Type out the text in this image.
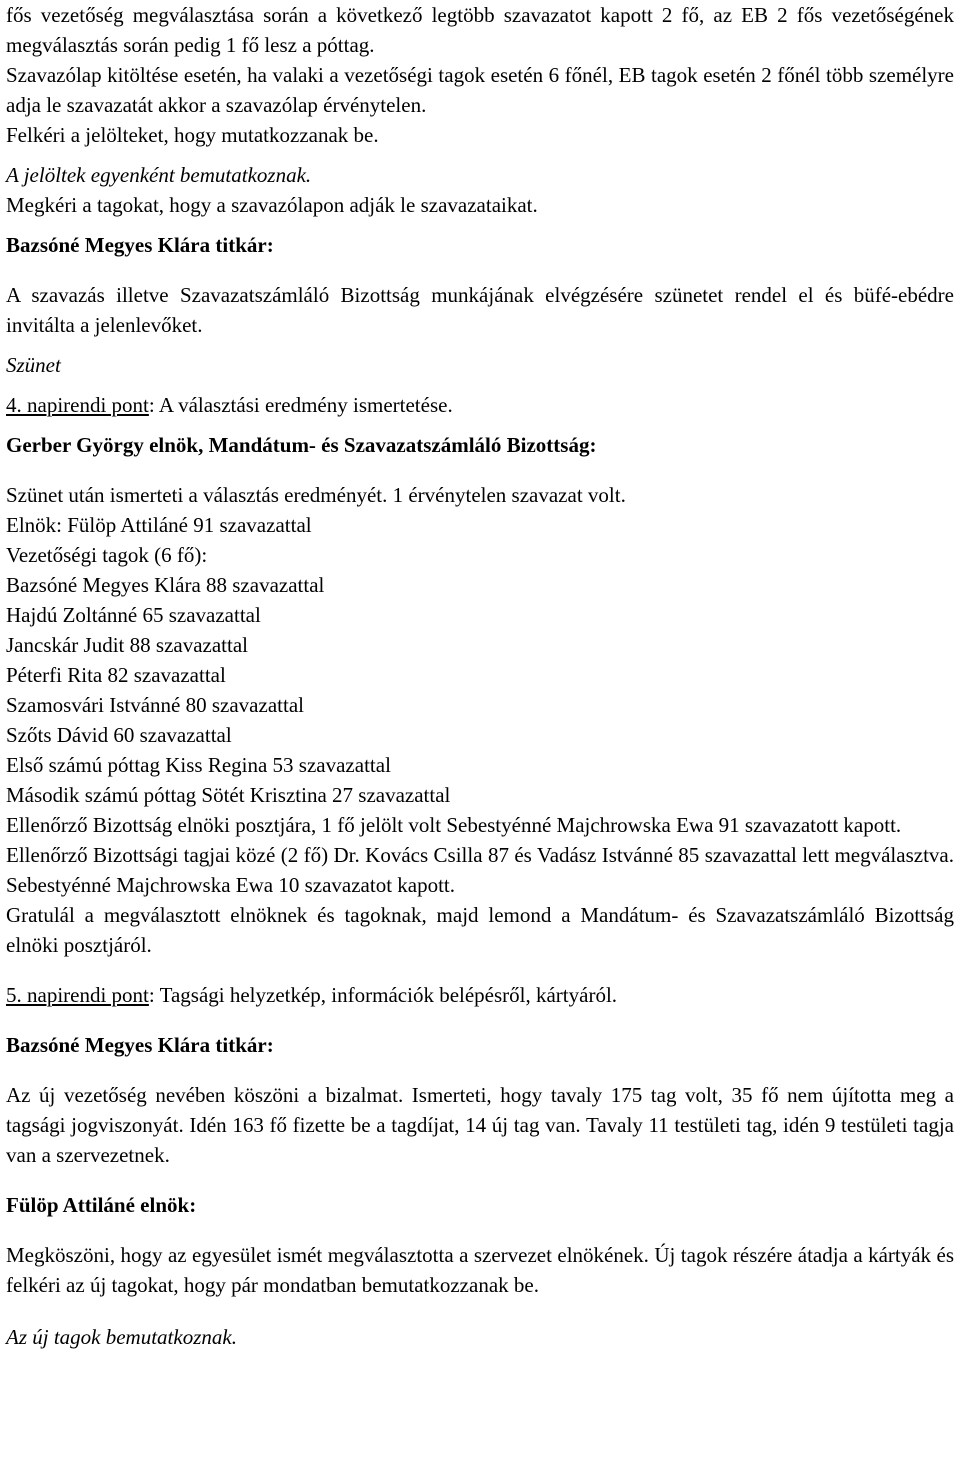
fős vezetőség megválasztása során a következő legtöbb szavazatot kapott 2 fő, az EB 2 fős vezetőségének megválasztás során pedig 1 fő lesz a póttag.

Szavazólap kitöltése esetén, ha valaki a vezetőségi tagok esetén 6 főnél, EB tagok esetén 2 főnél több személyre adja le szavazatát akkor a szavazólap érvénytelen.

Felkéri a jelölteket, hogy mutatkozzanak be.

A jelöltek egyenként bemutatkoznak.

Megkéri a tagokat, hogy a szavazólapon adják le szavazataikat.

Bazsóné Megyes Klára titkár:

A szavazás illetve Szavazatszámláló Bizottság munkájának elvégzésére szünetet rendel el és büfé-ebédre invitálta a jelenlevőket.

Szünet

4. napirendi pont: A választási eredmény ismertetése.

Gerber György elnök, Mandátum- és Szavazatszámláló Bizottság:

Szünet után ismerteti a választás eredményét. 1 érvénytelen szavazat volt.

Elnök: Fülöp Attiláné 91 szavazattal

Vezetőségi tagok (6 fő):

Bazsóné Megyes Klára 88 szavazattal

Hajdú Zoltánné 65 szavazattal

Jancskár Judit 88 szavazattal

Péterfi Rita 82 szavazattal

Szamosvári Istvánné 80 szavazattal

Szőts Dávid 60 szavazattal

Első számú póttag Kiss Regina 53 szavazattal

Második számú póttag Sötét Krisztina 27 szavazattal

Ellenőrző Bizottság elnöki posztjára, 1 fő jelölt volt Sebestyénné Majchrowska Ewa 91 szavazatott kapott.

Ellenőrző Bizottsági tagjai közé (2 fő) Dr. Kovács Csilla 87 és Vadász Istvánné 85 szavazattal lett megválasztva. Sebestyénné Majchrowska Ewa 10 szavazatot kapott.

Gratulál a megválasztott elnöknek és tagoknak, majd lemond a Mandátum- és Szavazatszámláló Bizottság elnöki posztjáról.

5. napirendi pont: Tagsági helyzetkép, információk belépésről, kártyáról.

Bazsóné Megyes Klára titkár:

Az új vezetőség nevében köszöni a bizalmat. Ismerteti, hogy tavaly 175 tag volt, 35 fő nem újította meg a tagsági jogviszonyát. Idén 163 fő fizette be a tagdíjat, 14 új tag van. Tavaly 11 testületi tag, idén 9 testületi tagja van a szervezetnek.

Fülöp Attiláné elnök:

Megköszöni, hogy az egyesület ismét megválasztotta a szervezet elnökének. Új tagok részére átadja a kártyák és felkéri az új tagokat, hogy pár mondatban bemutatkozzanak be.

Az új tagok bemutatkoznak.
